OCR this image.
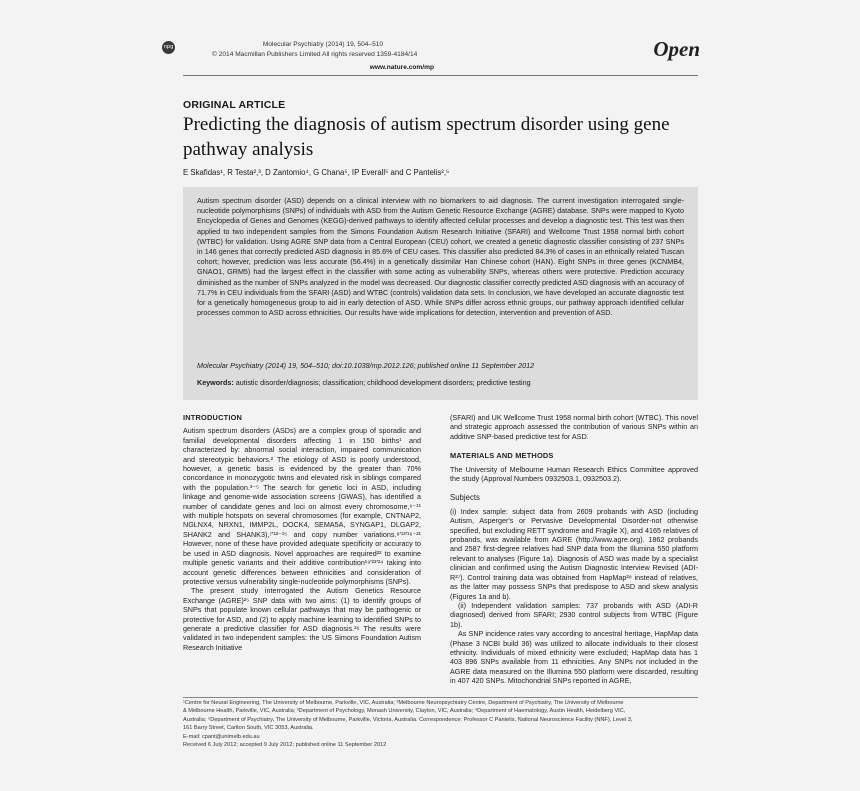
npg	Molecular Psychiatry (2014) 19, 504–510
© 2014 Macmillan Publishers Limited All rights reserved 1359-4184/14
www.nature.com/mp
Open
ORIGINAL ARTICLE
Predicting the diagnosis of autism spectrum disorder using gene pathway analysis
E Skafidas¹, R Testa²,³, D Zantomio⁴, G Chana⁵, IP Everall⁵ and C Pantelis²,⁵
Autism spectrum disorder (ASD) depends on a clinical interview with no biomarkers to aid diagnosis. The current investigation interrogated single-nucleotide polymorphisms (SNPs) of individuals with ASD from the Autism Genetic Resource Exchange (AGRE) database. SNPs were mapped to Kyoto Encyclopedia of Genes and Genomes (KEGG)-derived pathways to identify affected cellular processes and develop a diagnostic test. This test was then applied to two independent samples from the Simons Foundation Autism Research Initiative (SFARI) and Wellcome Trust 1958 normal birth cohort (WTBC) for validation. Using AGRE SNP data from a Central European (CEU) cohort, we created a genetic diagnostic classifier consisting of 237 SNPs in 146 genes that correctly predicted ASD diagnosis in 85.6% of CEU cases. This classifier also predicted 84.3% of cases in an ethnically related Tuscan cohort; however, prediction was less accurate (56.4%) in a genetically dissimilar Han Chinese cohort (HAN). Eight SNPs in three genes (KCNMB4, GNAO1, GRM5) had the largest effect in the classifier with some acting as vulnerability SNPs, whereas others were protective. Prediction accuracy diminished as the number of SNPs analyzed in the model was decreased. Our diagnostic classifier correctly predicted ASD diagnosis with an accuracy of 71.7% in CEU individuals from the SFARI (ASD) and WTBC (controls) validation data sets. In conclusion, we have developed an accurate diagnostic test for a genetically homogeneous group to aid in early detection of ASD. While SNPs differ across ethnic groups, our pathway approach identified cellular processes common to ASD across ethnicities. Our results have wide implications for detection, intervention and prevention of ASD.
Molecular Psychiatry (2014) 19, 504–510; doi:10.1038/mp.2012.126; published online 11 September 2012
Keywords: autistic disorder/diagnosis; classification; childhood development disorders; predictive testing
INTRODUCTION

Autism spectrum disorders (ASDs) are a complex group of sporadic and familial developmental disorders affecting 1 in 150 births¹ and characterized by: abnormal social interaction, impaired communication and stereotypic behaviors.² The etiology of ASD is poorly understood, however, a genetic basis is evidenced by the greater than 70% concordance in monozygotic twins and elevated risk in siblings compared with the population.³⁻⁵ The search for genetic loci in ASD, including linkage and genome-wide association screens (GWAS), has identified a number of candidate genes and loci on almost every chromosome,⁶⁻¹¹ with multiple hotspots on several chromosomes (for example, CNTNAP2, NGLNX4, NRXN1, IMMP2L, DOCK4, SEMA5A, SYNGAP1, DLGAP2, SHANK2 and SHANK3),⁷'¹²⁻¹⁵ and copy number variations.⁸'¹³'¹⁶⁻²¹ However, none of these have provided adequate specificity or accuracy to be used in ASD diagnosis. Novel approaches are required²² to examine multiple genetic variants and their additive contribution¹⁹'²³'²⁴ taking into account genetic differences between ethnicities and consideration of protective versus vulnerability single-nucleotide polymorphisms (SNPs).

The present study interrogated the Autism Genetics Resource Exchange (AGRE)²⁵ SNP data with two aims: (1) to identify groups of SNPs that populate known cellular pathways that may be pathogenic or protective for ASD, and (2) to apply machine learning to identified SNPs to generate a predictive classifier for ASD diagnosis.²⁶ The results were validated in two independent samples: the US Simons Foundation Autism Research Initiative

(SFARI) and UK Wellcome Trust 1958 normal birth cohort (WTBC). This novel and strategic approach assessed the contribution of various SNPs within an additive SNP-based predictive test for ASD.

MATERIALS AND METHODS

The University of Melbourne Human Research Ethics Committee approved the study (Approval Numbers 0932503.1, 0932503.2).

Subjects

(i) Index sample: subject data from 2609 probands with ASD (including Autism, Asperger's or Pervasive Developmental Disorder-not otherwise specified, but excluding RETT syndrome and Fragile X), and 4165 relatives of probands, was available from AGRE (http://www.agre.org). 1862 probands and 2587 first-degree relatives had SNP data from the Illumina 550 platform relevant to analyses (Figure 1a). Diagnosis of ASD was made by a specialist clinician and confirmed using the Autism Diagnostic Interview Revised (ADI-R²⁷). Control training data was obtained from HapMap²⁸ instead of relatives, as the latter may possess SNPs that predispose to ASD and skew analysis (Figures 1a and b).

(ii) Independent validation samples: 737 probands with ASD (ADI-R diagnosed) derived from SFARI; 2930 control subjects from WTBC (Figure 1b).

As SNP incidence rates vary according to ancestral heritage, HapMap data (Phase 3 NCBI build 36) was utilized to allocate individuals to their closest ethnicity. Individuals of mixed ethnicity were excluded; HapMap data has 1 403 896 SNPs available from 11 ethnicities. Any SNPs not included in the AGRE data measured on the Illumina 550 platform were discarded, resulting in 407 420 SNPs. Mitochondrial SNPs reported in AGRE,

¹Centre for Neural Engineering, The University of Melbourne, Parkville, VIC, Australia; ²Melbourne Neuropsychiatry Centre, Department of Psychiatry, The University of Melbourne
& Melbourne Health, Parkville, VIC, Australia; ³Department of Psychology, Monash University, Clayton, VIC, Australia; ⁴Department of Haematology, Austin Health, Heidelberg VIC,
Australia; ⁵Department of Psychiatry, The University of Melbourne, Parkville, Victoria, Australia. Correspondence: Professor C Pantelis, National Neuroscience Facility (NNF), Level 3,
161 Barry Street, Carlton South, VIC 3053, Australia.
E-mail: cpant@unimelb.edu.au
Received 6 July 2012; accepted 9 July 2012; published online 11 September 2012
